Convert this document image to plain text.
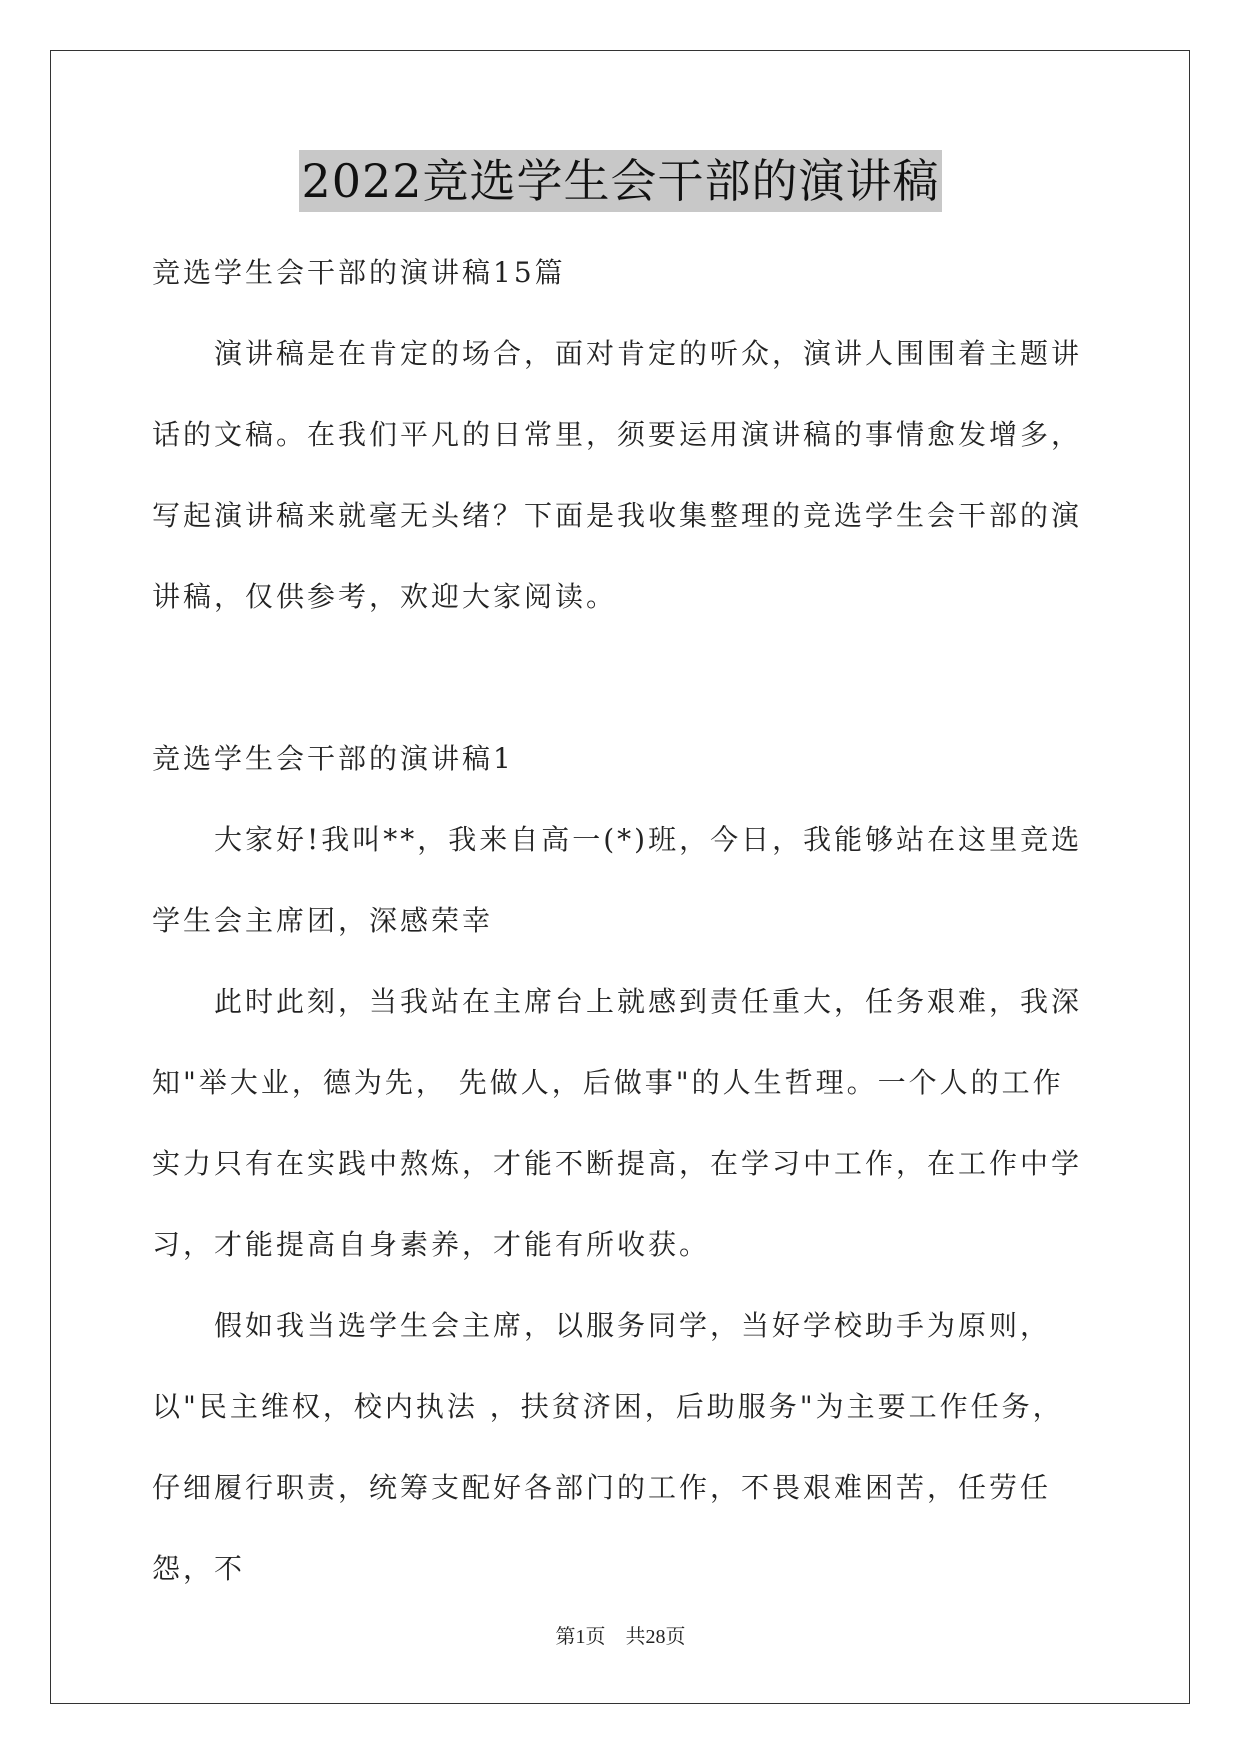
2022竞选学生会干部的演讲稿

竞选学生会干部的演讲稿15篇

演讲稿是在肯定的场合，面对肯定的听众，演讲人围围着主题讲话的文稿。在我们平凡的日常里，须要运用演讲稿的事情愈发增多，写起演讲稿来就毫无头绪？下面是我收集整理的竞选学生会干部的演讲稿，仅供参考，欢迎大家阅读。

竞选学生会干部的演讲稿1

大家好!我叫**，我来自高一(*)班，今日，我能够站在这里竞选学生会主席团，深感荣幸

此时此刻，当我站在主席台上就感到责任重大，任务艰难，我深知"举大业，德为先， 先做人，后做事"的人生哲理。一个人的工作实力只有在实践中熬炼，才能不断提高，在学习中工作，在工作中学习，才能提高自身素养，才能有所收获。

假如我当选学生会主席，以服务同学，当好学校助手为原则，以"民主维权，校内执法 ，扶贫济困，后助服务"为主要工作任务，仔细履行职责，统筹支配好各部门的工作，不畏艰难困苦，任劳任怨，不

第1页 共28页
